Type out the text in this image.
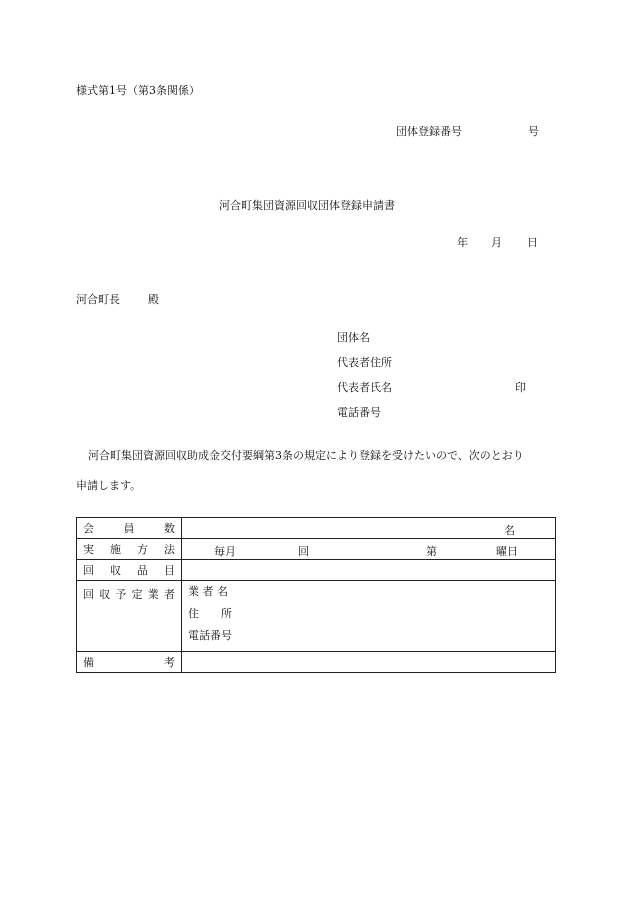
様式第1号（第3条関係）
団体登録番号	号
河合町集団資源回収団体登録申請書
年 月 日
河合町長	殿
団体名
代表者住所
代表者氏名	印
電話番号
河合町集団資源回収助成金交付要綱第3条の規定により登録を受けたいので、次のとおり
申請します。
会　員　数	名

実 施 方 法	毎月 回 第 曜日

回 収 品 目	
回収予定業者	業 者 名
住　　所
電話番号

備　　　考	
